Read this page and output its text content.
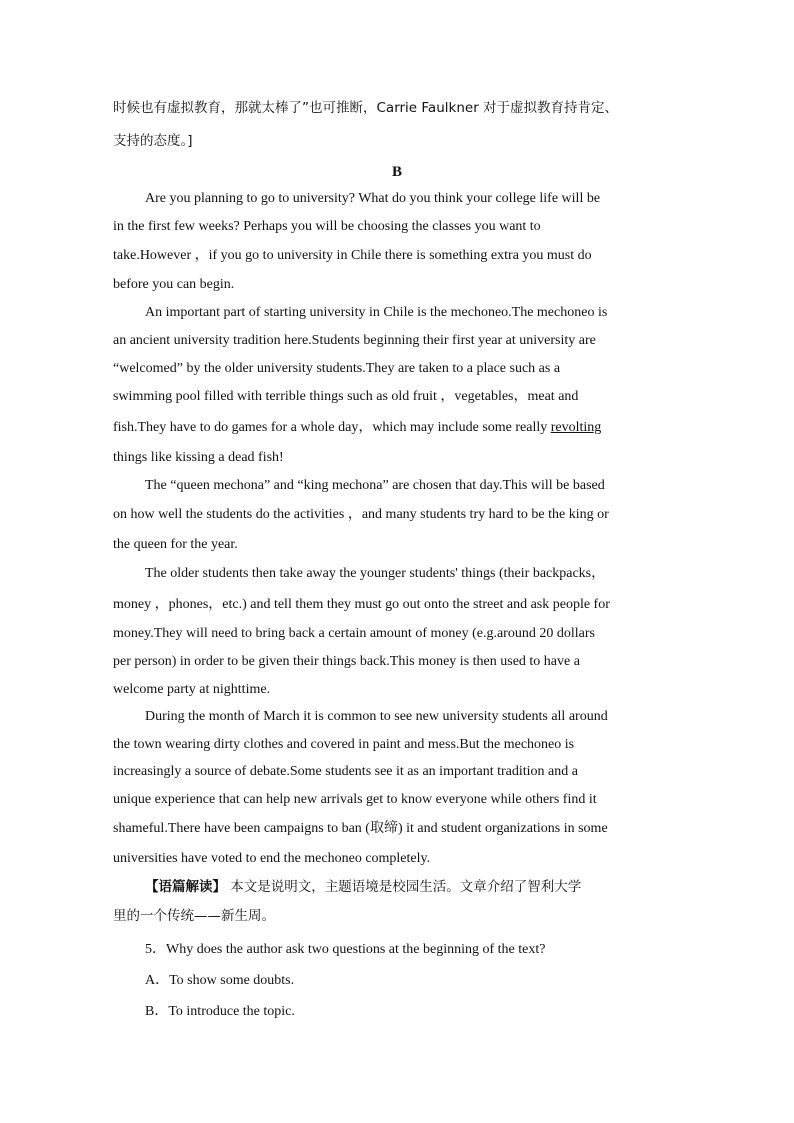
时候也有虚拟教育，那就太棒了”也可推断，Carrie Faulkner 对于虚拟教育持肯定、
支持的态度。]
B
Are you planning to go to university? What do you think your college life will be
in the first few weeks? Perhaps you will be choosing the classes you want to
take.However ，if you go to university in Chile there is something extra you must do
before you can begin.
An important part of starting university in Chile is the mechoneo.The mechoneo is
an ancient university tradition here.Students beginning their first year at university are
“welcomed” by the older university students.They are taken to a place such as a
swimming pool filled with terrible things such as old fruit ，vegetables，meat and
fish.They have to do games for a whole day，which may include some really revolting
things like kissing a dead fish!
The “queen mechona” and “king mechona” are chosen that day.This will be based
on how well the students do the activities ，and many students try hard to be the king or
the queen for the year.
The older students then take away the younger students' things (their backpacks，
money ，phones，etc.) and tell them they must go out onto the street and ask people for
money.They will need to bring back a certain amount of money (e.g.around 20 dollars
per person) in order to be given their things back.This money is then used to have a
welcome party at nighttime.
During the month of March it is common to see new university students all around
the town wearing dirty clothes and covered in paint and mess.But the mechoneo is
increasingly a source of debate.Some students see it as an important tradition and a
unique experience that can help new arrivals get to know everyone while others find it
shameful.There have been campaigns to ban (取缔) it and student organizations in some
universities have voted to end the mechoneo completely.
【语篇解读】 本文是说明文，主题语境是校园生活。文章介绍了智利大学
里的一个传统——新生周。
5．Why does the author ask two questions at the beginning of the text?
A．To show some doubts.
B．To introduce the topic.
